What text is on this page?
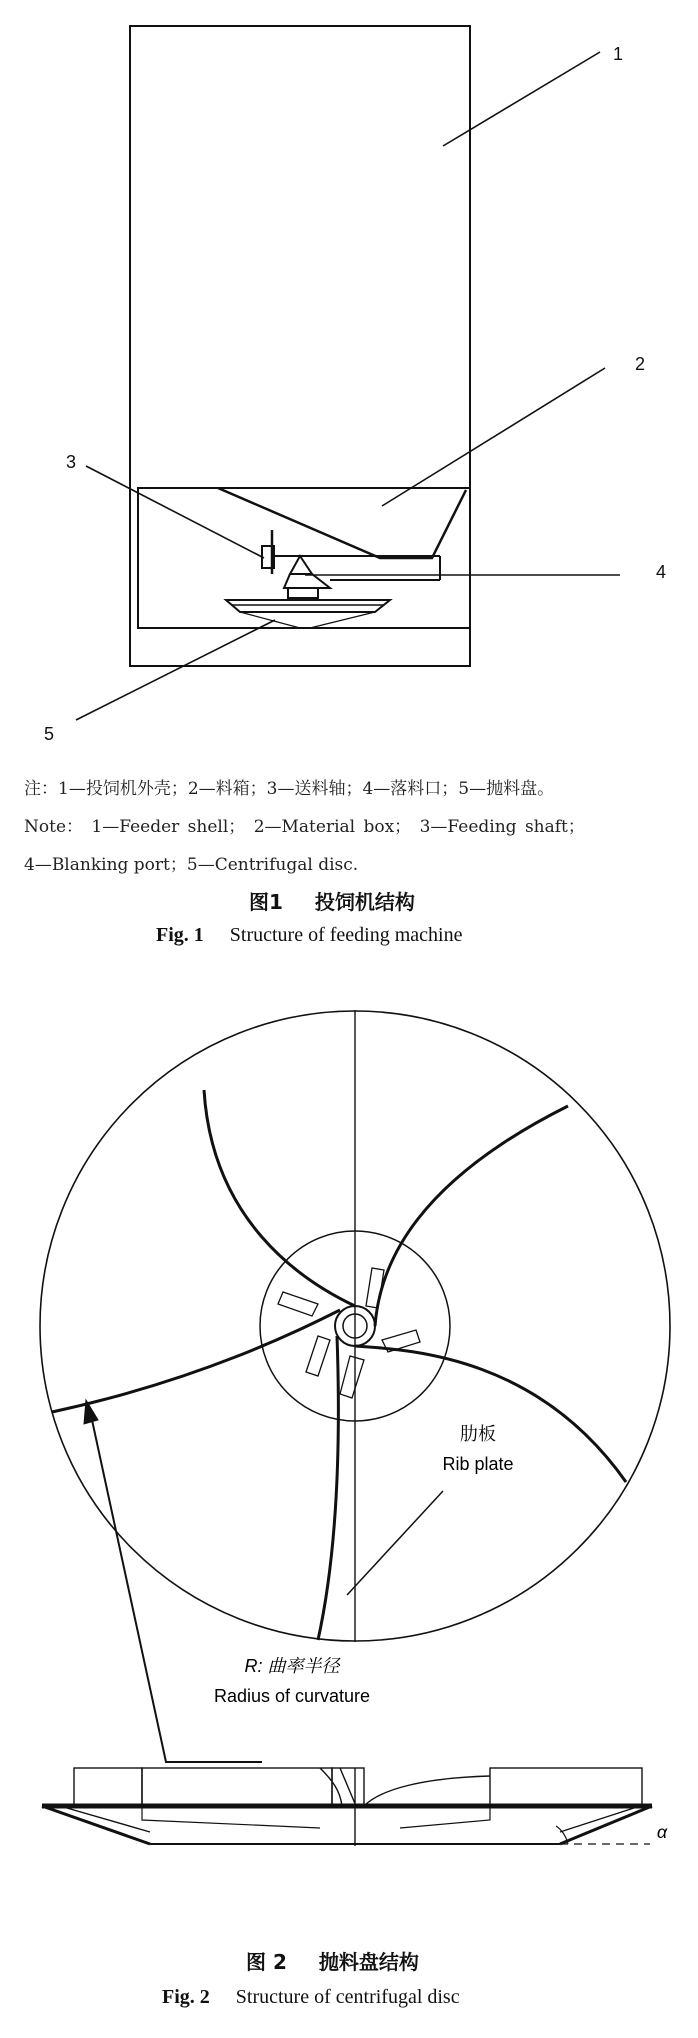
1
2
3
4
5
注：1—投饲机外壳；2—料箱；3—送料轴；4—落料口；5—抛料盘。
Note： 1—Feeder shell； 2—Material box； 3—Feeding shaft；
4—Blanking port；5—Centrifugal disc.
图1 投饲机结构
Fig. 1 Structure of feeding machine
肋板
Rib plate
R: 曲率半径
Radius of curvature
α
图 2 抛料盘结构
Fig. 2 Structure of centrifugal disc
